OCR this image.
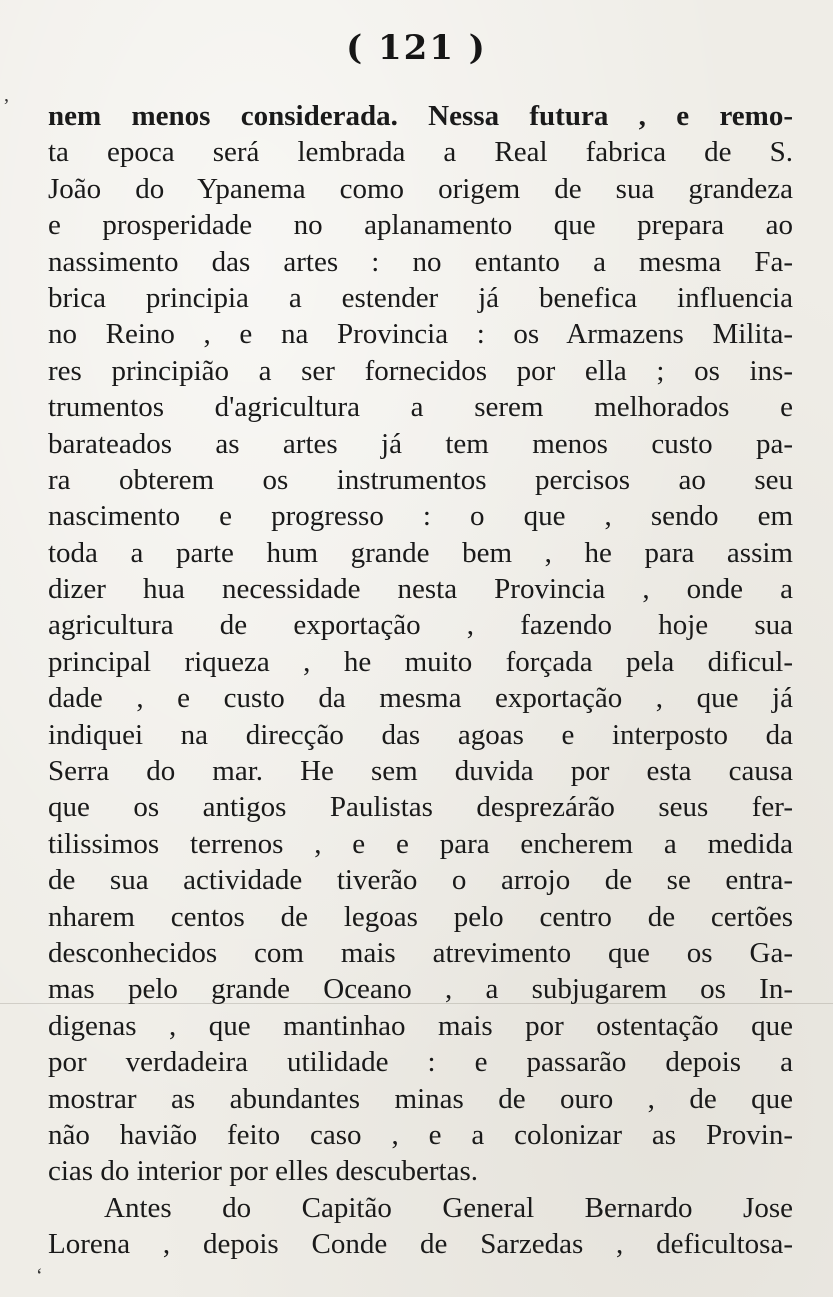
( 121 )
nem menos considerada. Nessa futura , e remo-
ta epoca será lembrada a Real fabrica de S.
João do Ypanema como origem de sua grandeza
e prosperidade no aplanamento que prepara ao
nassimento das artes : no entanto a mesma Fa-
brica principia a estender já benefica influencia
no Reino , e na Provincia : os Armazens Milita-
res principião a ser fornecidos por ella ; os ins-
trumentos d'agricultura a serem melhorados e
barateados as artes já tem menos custo pa-
ra obterem os instrumentos percisos ao seu
nascimento e progresso : o que , sendo em
toda a parte hum grande bem , he para assim
dizer hua necessidade nesta Provincia , onde a
agricultura de exportação , fazendo hoje sua
principal riqueza , he muito forçada pela dificul-
dade , e custo da mesma exportação , que já
indiquei na direcção das agoas e interposto da
Serra do mar. He sem duvida por esta causa
que os antigos Paulistas desprezárão seus fer-
tilissimos terrenos , e e para encherem a medida
de sua actividade tiverão o arrojo de se entra-
nharem centos de legoas pelo centro de certões
desconhecidos com mais atrevimento que os Ga-
mas pelo grande Oceano , a subjugarem os In-
digenas , que mantinhao mais por ostentação que
por verdadeira utilidade : e passarão depois a
mostrar as abundantes minas de ouro , de que
não havião feito caso , e a colonizar as Provin-
cias do interior por elles descubertas.
Antes do Capitão General Bernardo Jose
Lorena , depois Conde de Sarzedas , deficultosa-
,
ʻ
